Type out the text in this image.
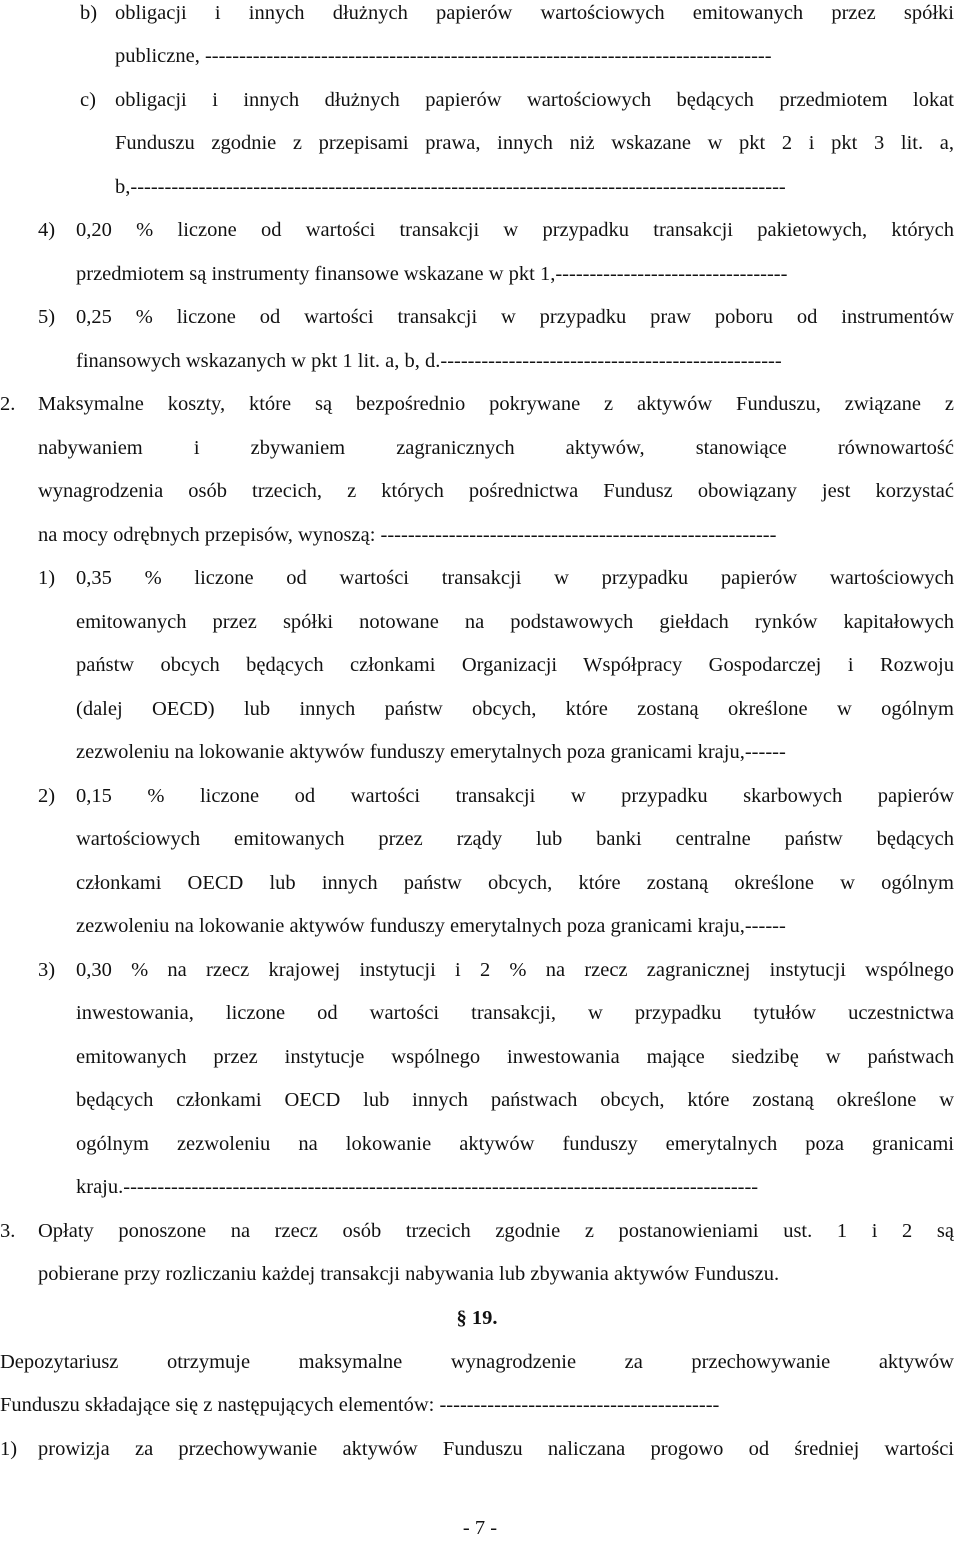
b) obligacji i innych dłużnych papierów wartościowych emitowanych przez spółki
publiczne, -----------------------------------------------------------------------------------
c) obligacji i innych dłużnych papierów wartościowych będących przedmiotem lokat
Funduszu zgodnie z przepisami prawa, innych niż wskazane w pkt 2 i pkt 3 lit. a,
b,------------------------------------------------------------------------------------------------
4) 0,20 % liczone od wartości transakcji w przypadku transakcji pakietowych, których
przedmiotem są instrumenty finansowe wskazane w pkt 1,----------------------------------
5) 0,25 % liczone od wartości transakcji w przypadku praw poboru od instrumentów
finansowych wskazanych w pkt 1 lit. a, b, d.--------------------------------------------------
2. Maksymalne koszty, które są bezpośrednio pokrywane z aktywów Funduszu, związane z
nabywaniem i zbywaniem zagranicznych aktywów, stanowiące równowartość
wynagrodzenia osób trzecich, z których pośrednictwa Fundusz obowiązany jest korzystać
na mocy odrębnych przepisów, wynoszą: ----------------------------------------------------------
1) 0,35 % liczone od wartości transakcji w przypadku papierów wartościowych
emitowanych przez spółki notowane na podstawowych giełdach rynków kapitałowych
państw obcych będących członkami Organizacji Współpracy Gospodarczej i Rozwoju
(dalej OECD) lub innych państw obcych, które zostaną określone w ogólnym
zezwoleniu na lokowanie aktywów funduszy emerytalnych poza granicami kraju,------
2) 0,15 % liczone od wartości transakcji w przypadku skarbowych papierów
wartościowych emitowanych przez rządy lub banki centralne państw będących
członkami OECD lub innych państw obcych, które zostaną określone w ogólnym
zezwoleniu na lokowanie aktywów funduszy emerytalnych poza granicami kraju,------
3) 0,30 % na rzecz krajowej instytucji i 2 % na rzecz zagranicznej instytucji wspólnego
inwestowania, liczone od wartości transakcji, w przypadku tytułów uczestnictwa
emitowanych przez instytucje wspólnego inwestowania mające siedzibę w państwach
będących członkami OECD lub innych państwach obcych, które zostaną określone w
ogólnym zezwoleniu na lokowanie aktywów funduszy emerytalnych poza granicami
kraju.---------------------------------------------------------------------------------------------
3. Opłaty ponoszone na rzecz osób trzecich zgodnie z postanowieniami ust. 1 i 2 są
pobierane przy rozliczaniu każdej transakcji nabywania lub zbywania aktywów Funduszu.
§ 19.
Depozytariusz otrzymuje maksymalne wynagrodzenie za przechowywanie aktywów
Funduszu składające się z następujących elementów: -----------------------------------------
1) prowizja za przechowywanie aktywów Funduszu naliczana progowo od średniej wartości
- 7 -
